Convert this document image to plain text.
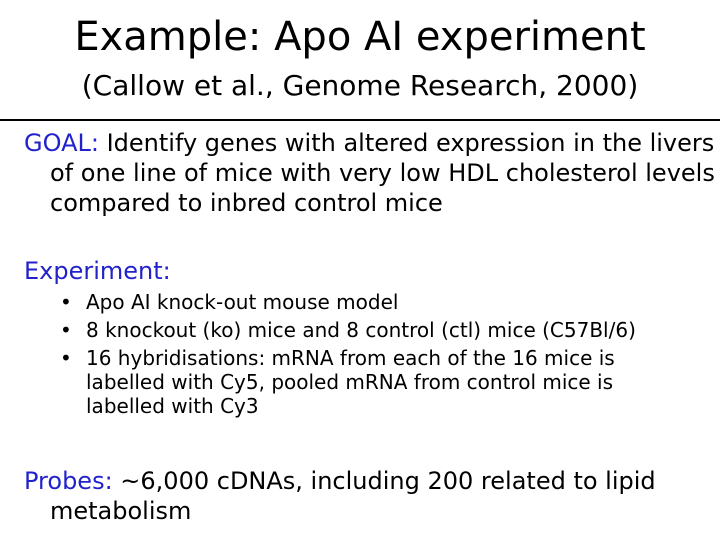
Example: Apo AI experiment
(Callow et al., Genome Research, 2000)
GOAL: Identify genes with altered expression in the livers of one line of mice with very low HDL cholesterol levels compared to inbred control mice
Experiment:
• Apo AI knock-out mouse model
• 8 knockout (ko) mice and 8 control (ctl) mice (C57Bl/6)
• 16 hybridisations: mRNA from each of the 16 mice is labelled with Cy5, pooled mRNA from control mice is labelled with Cy3
Probes: ~6,000 cDNAs, including 200 related to lipid metabolism
